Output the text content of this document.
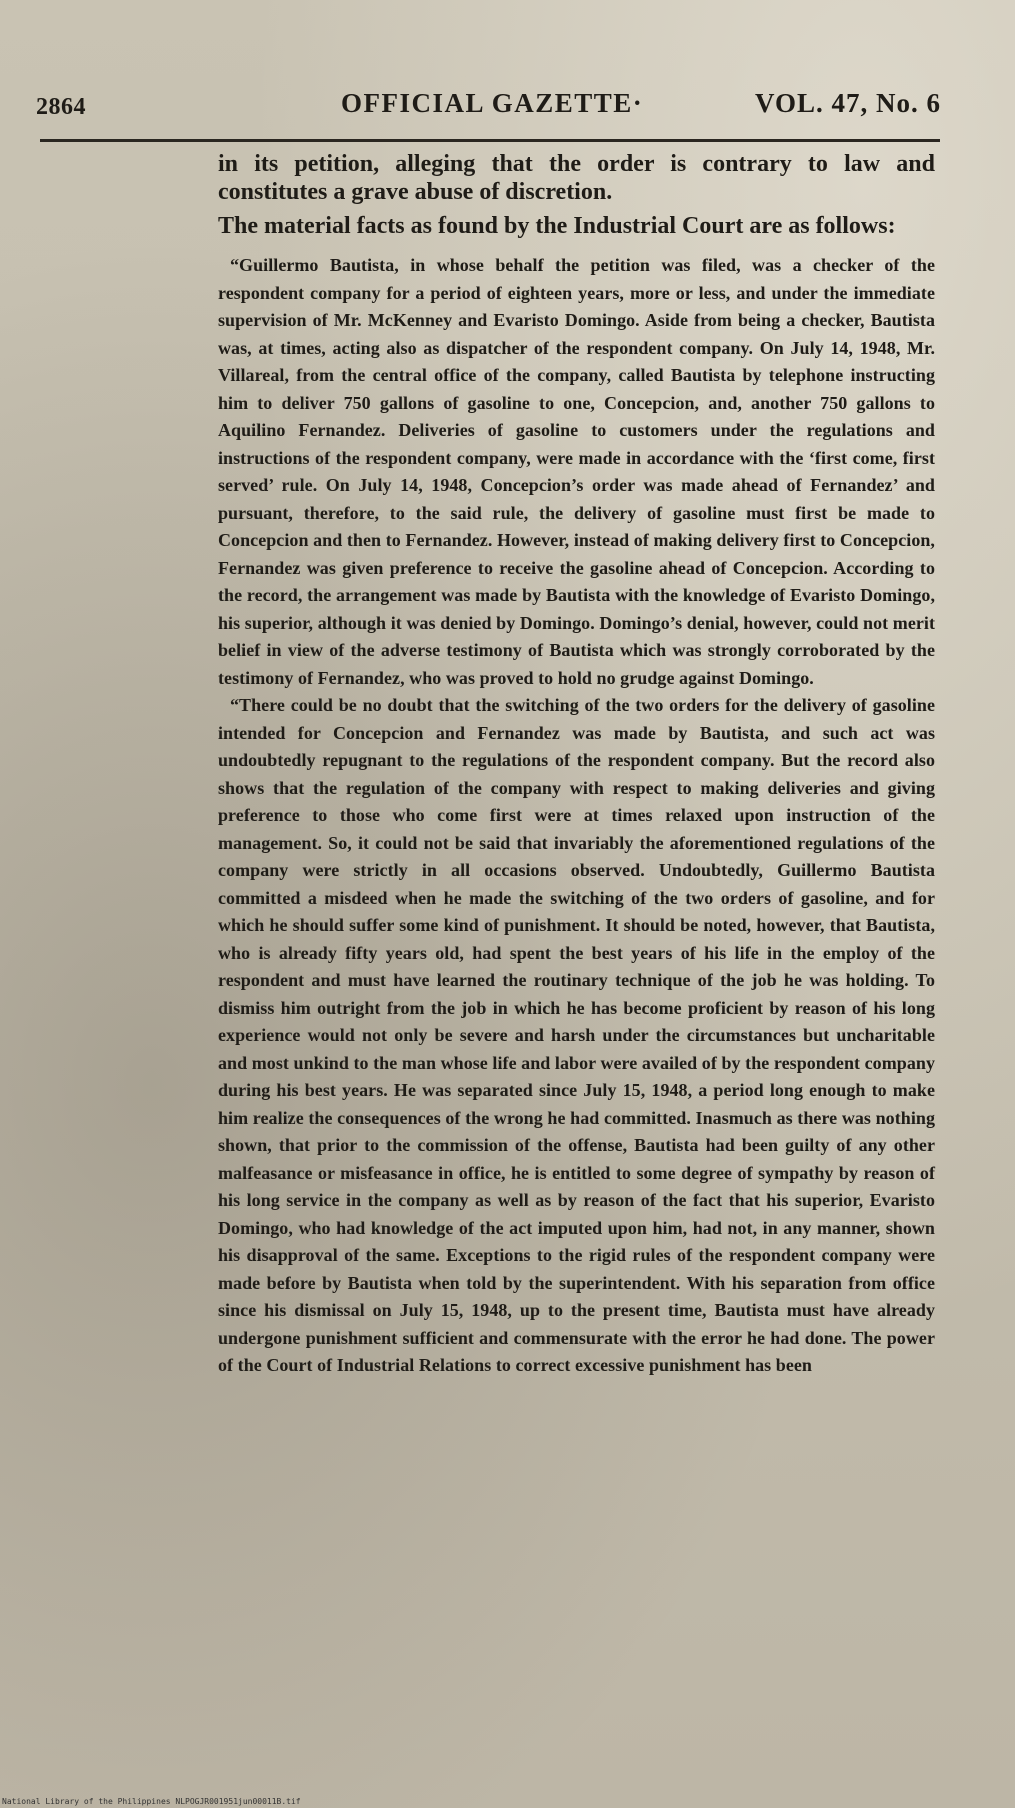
2864	OFFICIAL GAZETTE·	VOL. 47, No. 6

in its petition, alleging that the order is contrary to law and constitutes a grave abuse of discretion.

The material facts as found by the Industrial Court are as follows:

“Guillermo Bautista, in whose behalf the petition was filed, was a checker of the respondent company for a period of eighteen years, more or less, and under the immediate supervision of Mr. McKenney and Evaristo Domingo. Aside from being a checker, Bautista was, at times, acting also as dispatcher of the respondent company. On July 14, 1948, Mr. Villareal, from the central office of the company, called Bautista by telephone instructing him to deliver 750 gallons of gasoline to one, Concepcion, and, another 750 gallons to Aquilino Fernandez. Deliveries of gasoline to customers under the regulations and instructions of the respondent company, were made in accordance with the ‘first come, first served’ rule. On July 14, 1948, Concepcion’s order was made ahead of Fernandez’ and pursuant, therefore, to the said rule, the delivery of gasoline must first be made to Concepcion and then to Fernandez. However, instead of making delivery first to Concepcion, Fernandez was given preference to receive the gasoline ahead of Concepcion. According to the record, the arrangement was made by Bautista with the knowledge of Evaristo Domingo, his superior, although it was denied by Domingo. Domingo’s denial, however, could not merit belief in view of the adverse testimony of Bautista which was strongly corroborated by the testimony of Fernandez, who was proved to hold no grudge against Domingo.

“There could be no doubt that the switching of the two orders for the delivery of gasoline intended for Concepcion and Fernandez was made by Bautista, and such act was undoubtedly repugnant to the regulations of the respondent company. But the record also shows that the regulation of the company with respect to making deliveries and giving preference to those who come first were at times relaxed upon instruction of the management. So, it could not be said that invariably the aforementioned regulations of the company were strictly in all occasions observed. Undoubtedly, Guillermo Bautista committed a misdeed when he made the switching of the two orders of gasoline, and for which he should suffer some kind of punishment. It should be noted, however, that Bautista, who is already fifty years old, had spent the best years of his life in the employ of the respondent and must have learned the routinary technique of the job he was holding. To dismiss him outright from the job in which he has become proficient by reason of his long experience would not only be severe and harsh under the circumstances but uncharitable and most unkind to the man whose life and labor were availed of by the respondent company during his best years. He was separated since July 15, 1948, a period long enough to make him realize the consequences of the wrong he had committed. Inasmuch as there was nothing shown, that prior to the commission of the offense, Bautista had been guilty of any other malfeasance or misfeasance in office, he is entitled to some degree of sympathy by reason of his long service in the company as well as by reason of the fact that his superior, Evaristo Domingo, who had knowledge of the act imputed upon him, had not, in any manner, shown his disapproval of the same. Exceptions to the rigid rules of the respondent company were made before by Bautista when told by the superintendent. With his separation from office since his dismissal on July 15, 1948, up to the present time, Bautista must have already undergone punishment sufficient and commensurate with the error he had done. The power of the Court of Industrial Relations to correct excessive punishment has been

National Library of the Philippines NLPOGJR001951jun00011B.tif
